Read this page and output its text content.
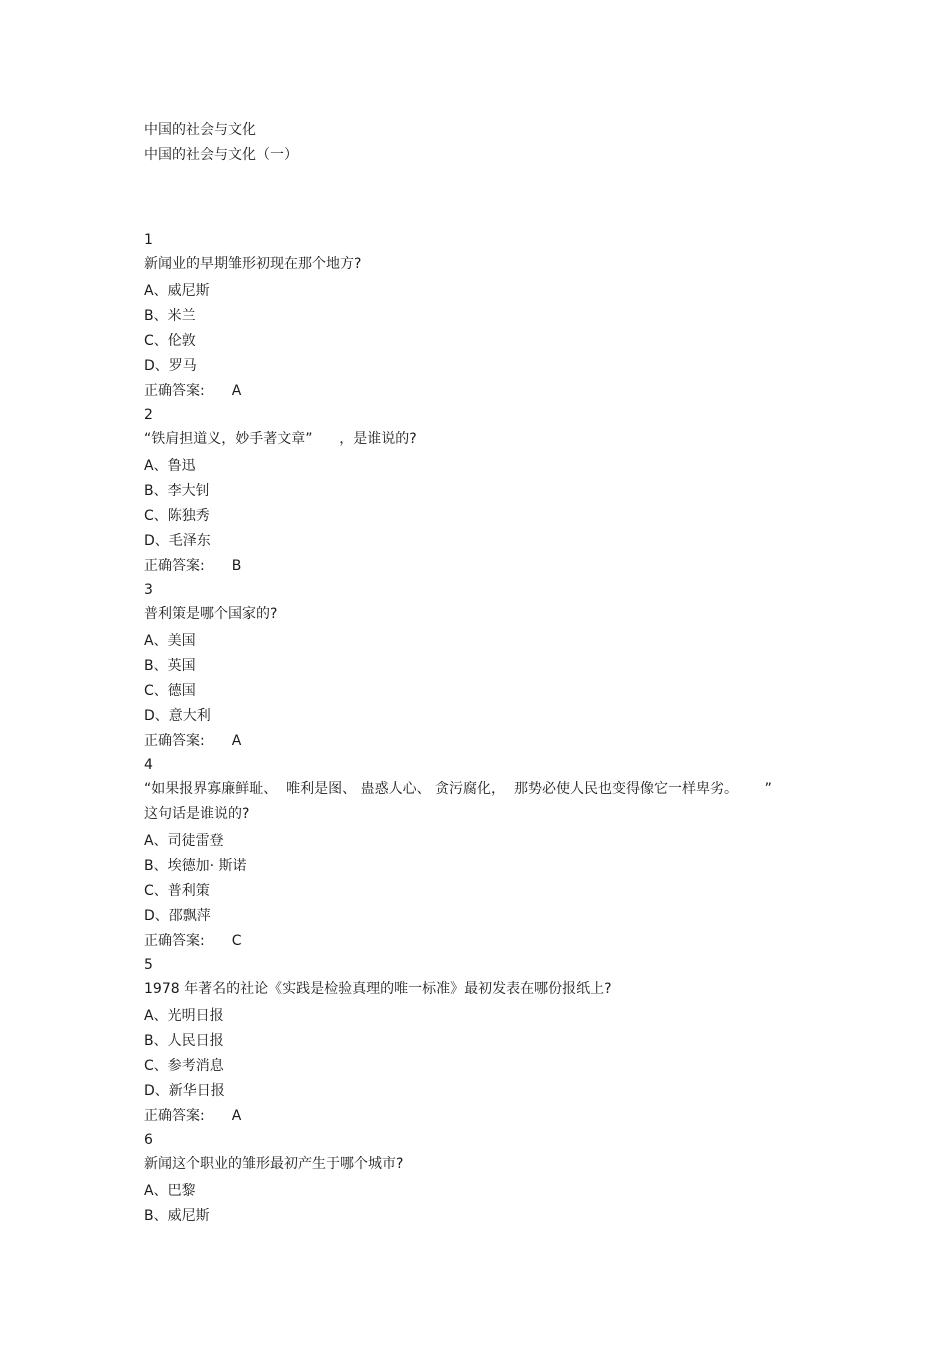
中国的社会与文化
中国的社会与文化（一）
1
新闻业的早期雏形初现在那个地方?
A、威尼斯
B、米兰
C、伦敦
D、罗马
正确答案: A
2
“铁肩担道义，妙手著文章”      ，是谁说的?
A、鲁迅
B、李大钊
C、陈独秀
D、毛泽东
正确答案: B
3
普利策是哪个国家的?
A、美国
B、英国
C、德国
D、意大利
正确答案: A
4
“如果报界寡廉鲜耻、  唯利是图、 蛊惑人心、 贪污腐化，  那势必使人民也变得像它一样卑劣。      ”
这句话是谁说的?
A、司徒雷登
B、埃德加· 斯诺
C、普利策
D、邵飘萍
正确答案: C
5
1978 年著名的社论《实践是检验真理的唯一标准》最初发表在哪份报纸上?
A、光明日报
B、人民日报
C、参考消息
D、新华日报
正确答案: A
6
新闻这个职业的雏形最初产生于哪个城市?
A、巴黎
B、威尼斯
